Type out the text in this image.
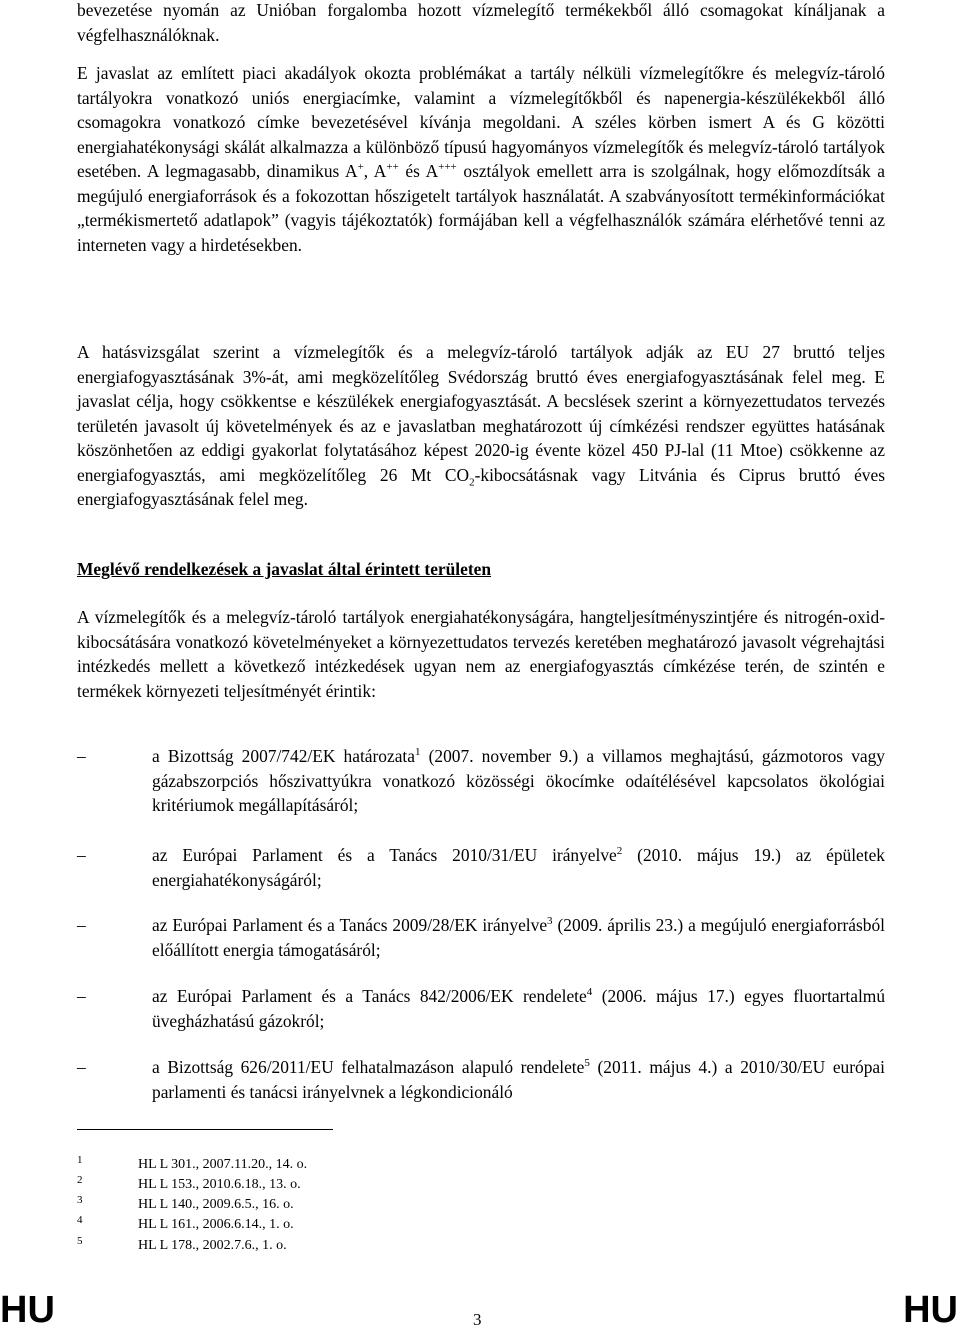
bevezetése nyomán az Unióban forgalomba hozott vízmelegítő termékekből álló csomagokat kínáljanak a végfelhasználóknak.

E javaslat az említett piaci akadályok okozta problémákat a tartály nélküli vízmelegítőkre és melegvíz-tároló tartályokra vonatkozó uniós energiacímke, valamint a vízmelegítőkből és napenergia-készülékekből álló csomagokra vonatkozó címke bevezetésével kívánja megoldani. A széles körben ismert A és G közötti energiahatékonysági skálát alkalmazza a különböző típusú hagyományos vízmelegítők és melegvíz-tároló tartályok esetében. A legmagasabb, dinamikus A+, A++ és A+++ osztályok emellett arra is szolgálnak, hogy előmozdítsák a megújuló energiaforrások és a fokozottan hőszigetelt tartályok használatát. A szabványosított termékinformációkat „termékismertető adatlapok” (vagyis tájékoztatók) formájában kell a végfelhasználók számára elérhetővé tenni az interneten vagy a hirdetésekben.

A hatásvizsgálat szerint a vízmelegítők és a melegvíz-tároló tartályok adják az EU 27 bruttó teljes energiafogyasztásának 3%-át, ami megközelítőleg Svédország bruttó éves energiafogyasztásának felel meg. E javaslat célja, hogy csökkentse e készülékek energiafogyasztását. A becslések szerint a környezettudatos tervezés területén javasolt új követelmények és az e javaslatban meghatározott új címkézési rendszer együttes hatásának köszönhetően az eddigi gyakorlat folytatásához képest 2020-ig évente közel 450 PJ-lal (11 Mtoe) csökkenne az energiafogyasztás, ami megközelítőleg 26 Mt $CO_2$-kibocsátásnak vagy Litvánia és Ciprus bruttó éves energiafogyasztásának felel meg.

Meglévő rendelkezések a javaslat által érintett területen

A vízmelegítők és a melegvíz-tároló tartályok energiahatékonyságára, hangteljesítményszintjére és nitrogén-oxid-kibocsátására vonatkozó követelményeket a környezettudatos tervezés keretében meghatározó javasolt végrehajtási intézkedés mellett a következő intézkedések ugyan nem az energiafogyasztás címkézése terén, de szintén e termékek környezeti teljesítményét érintik:

–	a Bizottság 2007/742/EK határozata$^1$ (2007. november 9.) a villamos meghajtású, gázmotoros vagy gázabszorpciós hőszivattyúkra vonatkozó közösségi ökocímke odaítélésével kapcsolatos ökológiai kritériumok megállapításáról;

–	az Európai Parlament és a Tanács 2010/31/EU irányelve$^2$ (2010. május 19.) az épületek energiahatékonyságáról;

–	az Európai Parlament és a Tanács 2009/28/EK irányelve$^3$ (2009. április 23.) a megújuló energiaforrásból előállított energia támogatásáról;

–	az Európai Parlament és a Tanács 842/2006/EK rendelete$^4$ (2006. május 17.) egyes fluortartalmú üvegházhatású gázokról;

–	a Bizottság 626/2011/EU felhatalmazáson alapuló rendelete$^5$ (2011. május 4.) a 2010/30/EU európai parlamenti és tanácsi irányelvnek a légkondicionáló

1	HL L 301., 2007.11.20., 14. o.
2	HL L 153., 2010.6.18., 13. o.
3	HL L 140., 2009.6.5., 16. o.
4	HL L 161., 2006.6.14., 1. o.
5	HL L 178., 2002.7.6., 1. o.
HU	3	HU
